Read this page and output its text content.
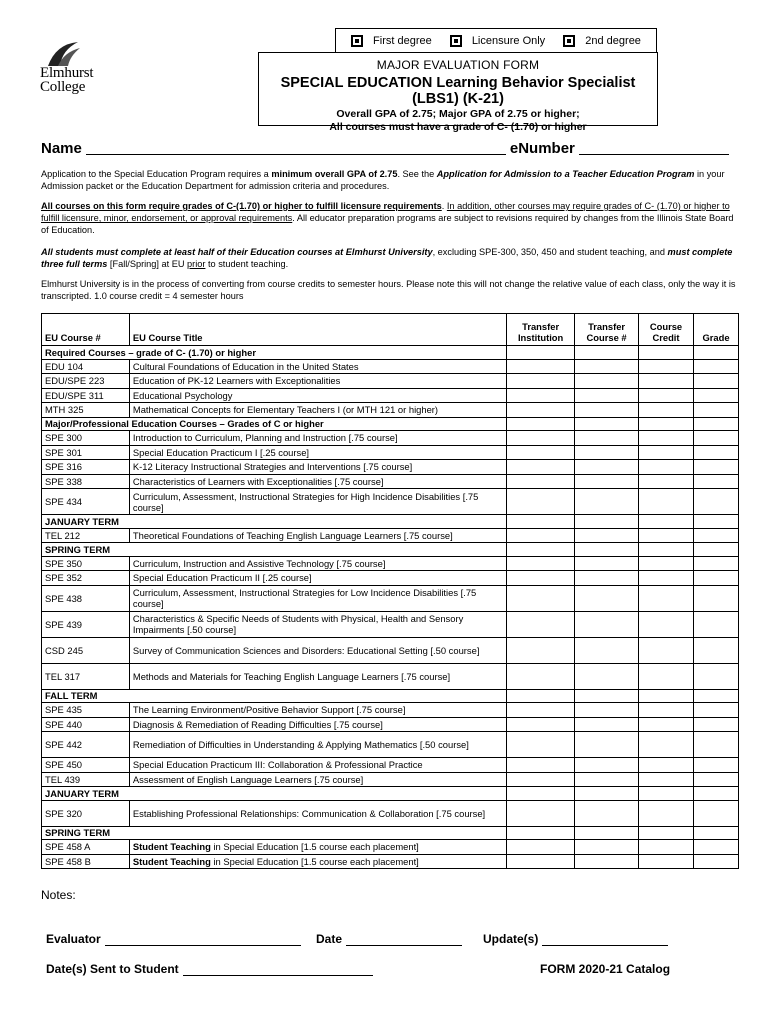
Elmhurst
College
First degree	Licensure Only	2nd degree
MAJOR EVALUATION FORM
SPECIAL EDUCATION Learning Behavior Specialist (LBS1) (K-21)
Overall GPA of 2.75; Major GPA of 2.75 or higher;
All courses must have a grade of C- (1.70) or higher
Name	eNumber
Application to the Special Education Program requires a minimum overall GPA of 2.75. See the Application for Admission to a Teacher Education Program in your Admission packet or the Education Department for admission criteria and procedures.
All courses on this form require grades of C-(1.70) or higher to fulfill licensure requirements. In addition, other courses may require grades of C- (1.70) or higher to fulfill licensure, minor, endorsement, or approval requirements. All educator preparation programs are subject to revisions required by changes from the Illinois State Board of Education.
All students must complete at least half of their Education courses at Elmhurst University, excluding SPE-300, 350, 450 and student teaching, and must complete three full terms [Fall/Spring] at EU prior to student teaching.
Elmhurst University is in the process of converting from course credits to semester hours. Please note this will not change the relative value of each class, only the way it is transcripted. 1.0 course credit = 4 semester hours
EU Course #	EU Course Title	Transfer Institution	Transfer Course #	Course Credit	Grade
Required Courses – grade of C- (1.70) or higher					
EDU 104	Cultural Foundations of Education in the United States				
EDU/SPE 223	Education of PK-12 Learners with Exceptionalities				
EDU/SPE 311	Educational Psychology				
MTH 325	Mathematical Concepts for Elementary Teachers I (or MTH 121 or higher)				
Major/Professional Education Courses – Grades of C or higher					
SPE 300	Introduction to Curriculum, Planning and Instruction [.75 course]				
SPE 301	Special Education Practicum I [.25 course]				
SPE 316	K-12 Literacy Instructional Strategies and Interventions [.75 course]				
SPE 338	Characteristics of Learners with Exceptionalities [.75 course]				
SPE 434	Curriculum, Assessment, Instructional Strategies for High Incidence Disabilities [.75 course]				
JANUARY TERM					
TEL 212	Theoretical Foundations of Teaching English Language Learners [.75 course]				
SPRING TERM					
SPE 350	Curriculum, Instruction and Assistive Technology [.75 course]				
SPE 352	Special Education Practicum II [.25 course]				
SPE 438	Curriculum, Assessment, Instructional Strategies for Low Incidence Disabilities [.75 course]				
SPE 439	Characteristics & Specific Needs of Students with Physical, Health and Sensory Impairments [.50 course]				
CSD 245	Survey of Communication Sciences and Disorders: Educational Setting [.50 course]				
TEL 317	Methods and Materials for Teaching English Language Learners [.75 course]				
FALL TERM					
SPE 435	The Learning Environment/Positive Behavior Support [.75 course]				
SPE 440	Diagnosis & Remediation of Reading Difficulties [.75 course]				
SPE 442	Remediation of Difficulties in Understanding & Applying Mathematics [.50 course]				
SPE 450	Special Education Practicum III: Collaboration & Professional Practice				
TEL 439	Assessment of English Language Learners [.75 course]				
JANUARY TERM					
SPE 320	Establishing Professional Relationships: Communication & Collaboration [.75 course]				
SPRING TERM					
SPE 458 A	Student Teaching in Special Education [1.5 course each placement]				
SPE 458 B	Student Teaching in Special Education [1.5 course each placement]				
Notes:
Evaluator	Date	Update(s)
Date(s) Sent to Student	FORM 2020-21 Catalog
